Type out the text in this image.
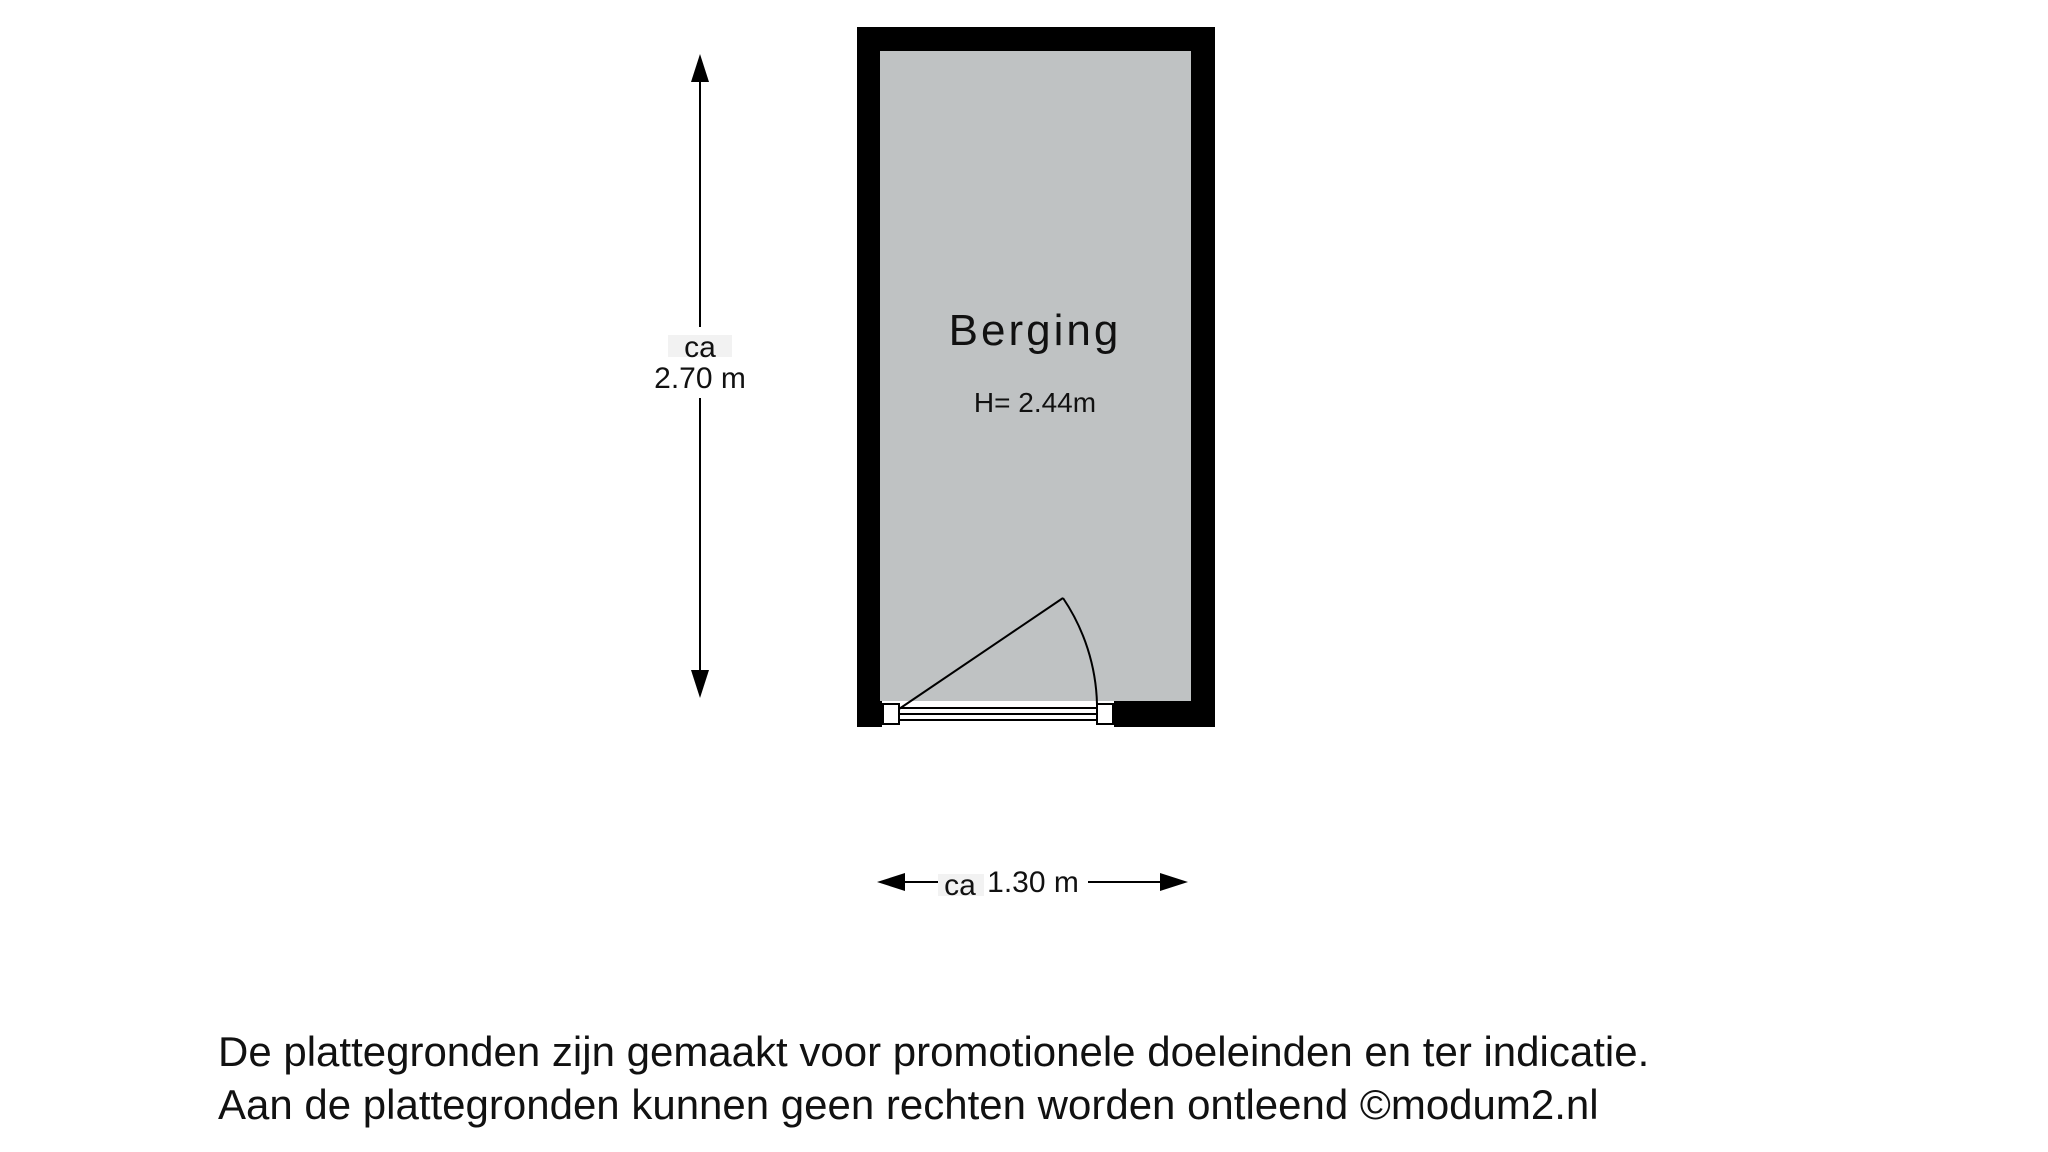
Berging
H= 2.44m
ca
2.70 m
ca 1.30 m
De plattegronden zijn gemaakt voor promotionele doeleinden en ter indicatie.
Aan de plattegronden kunnen geen rechten worden ontleend ©modum2.nl
